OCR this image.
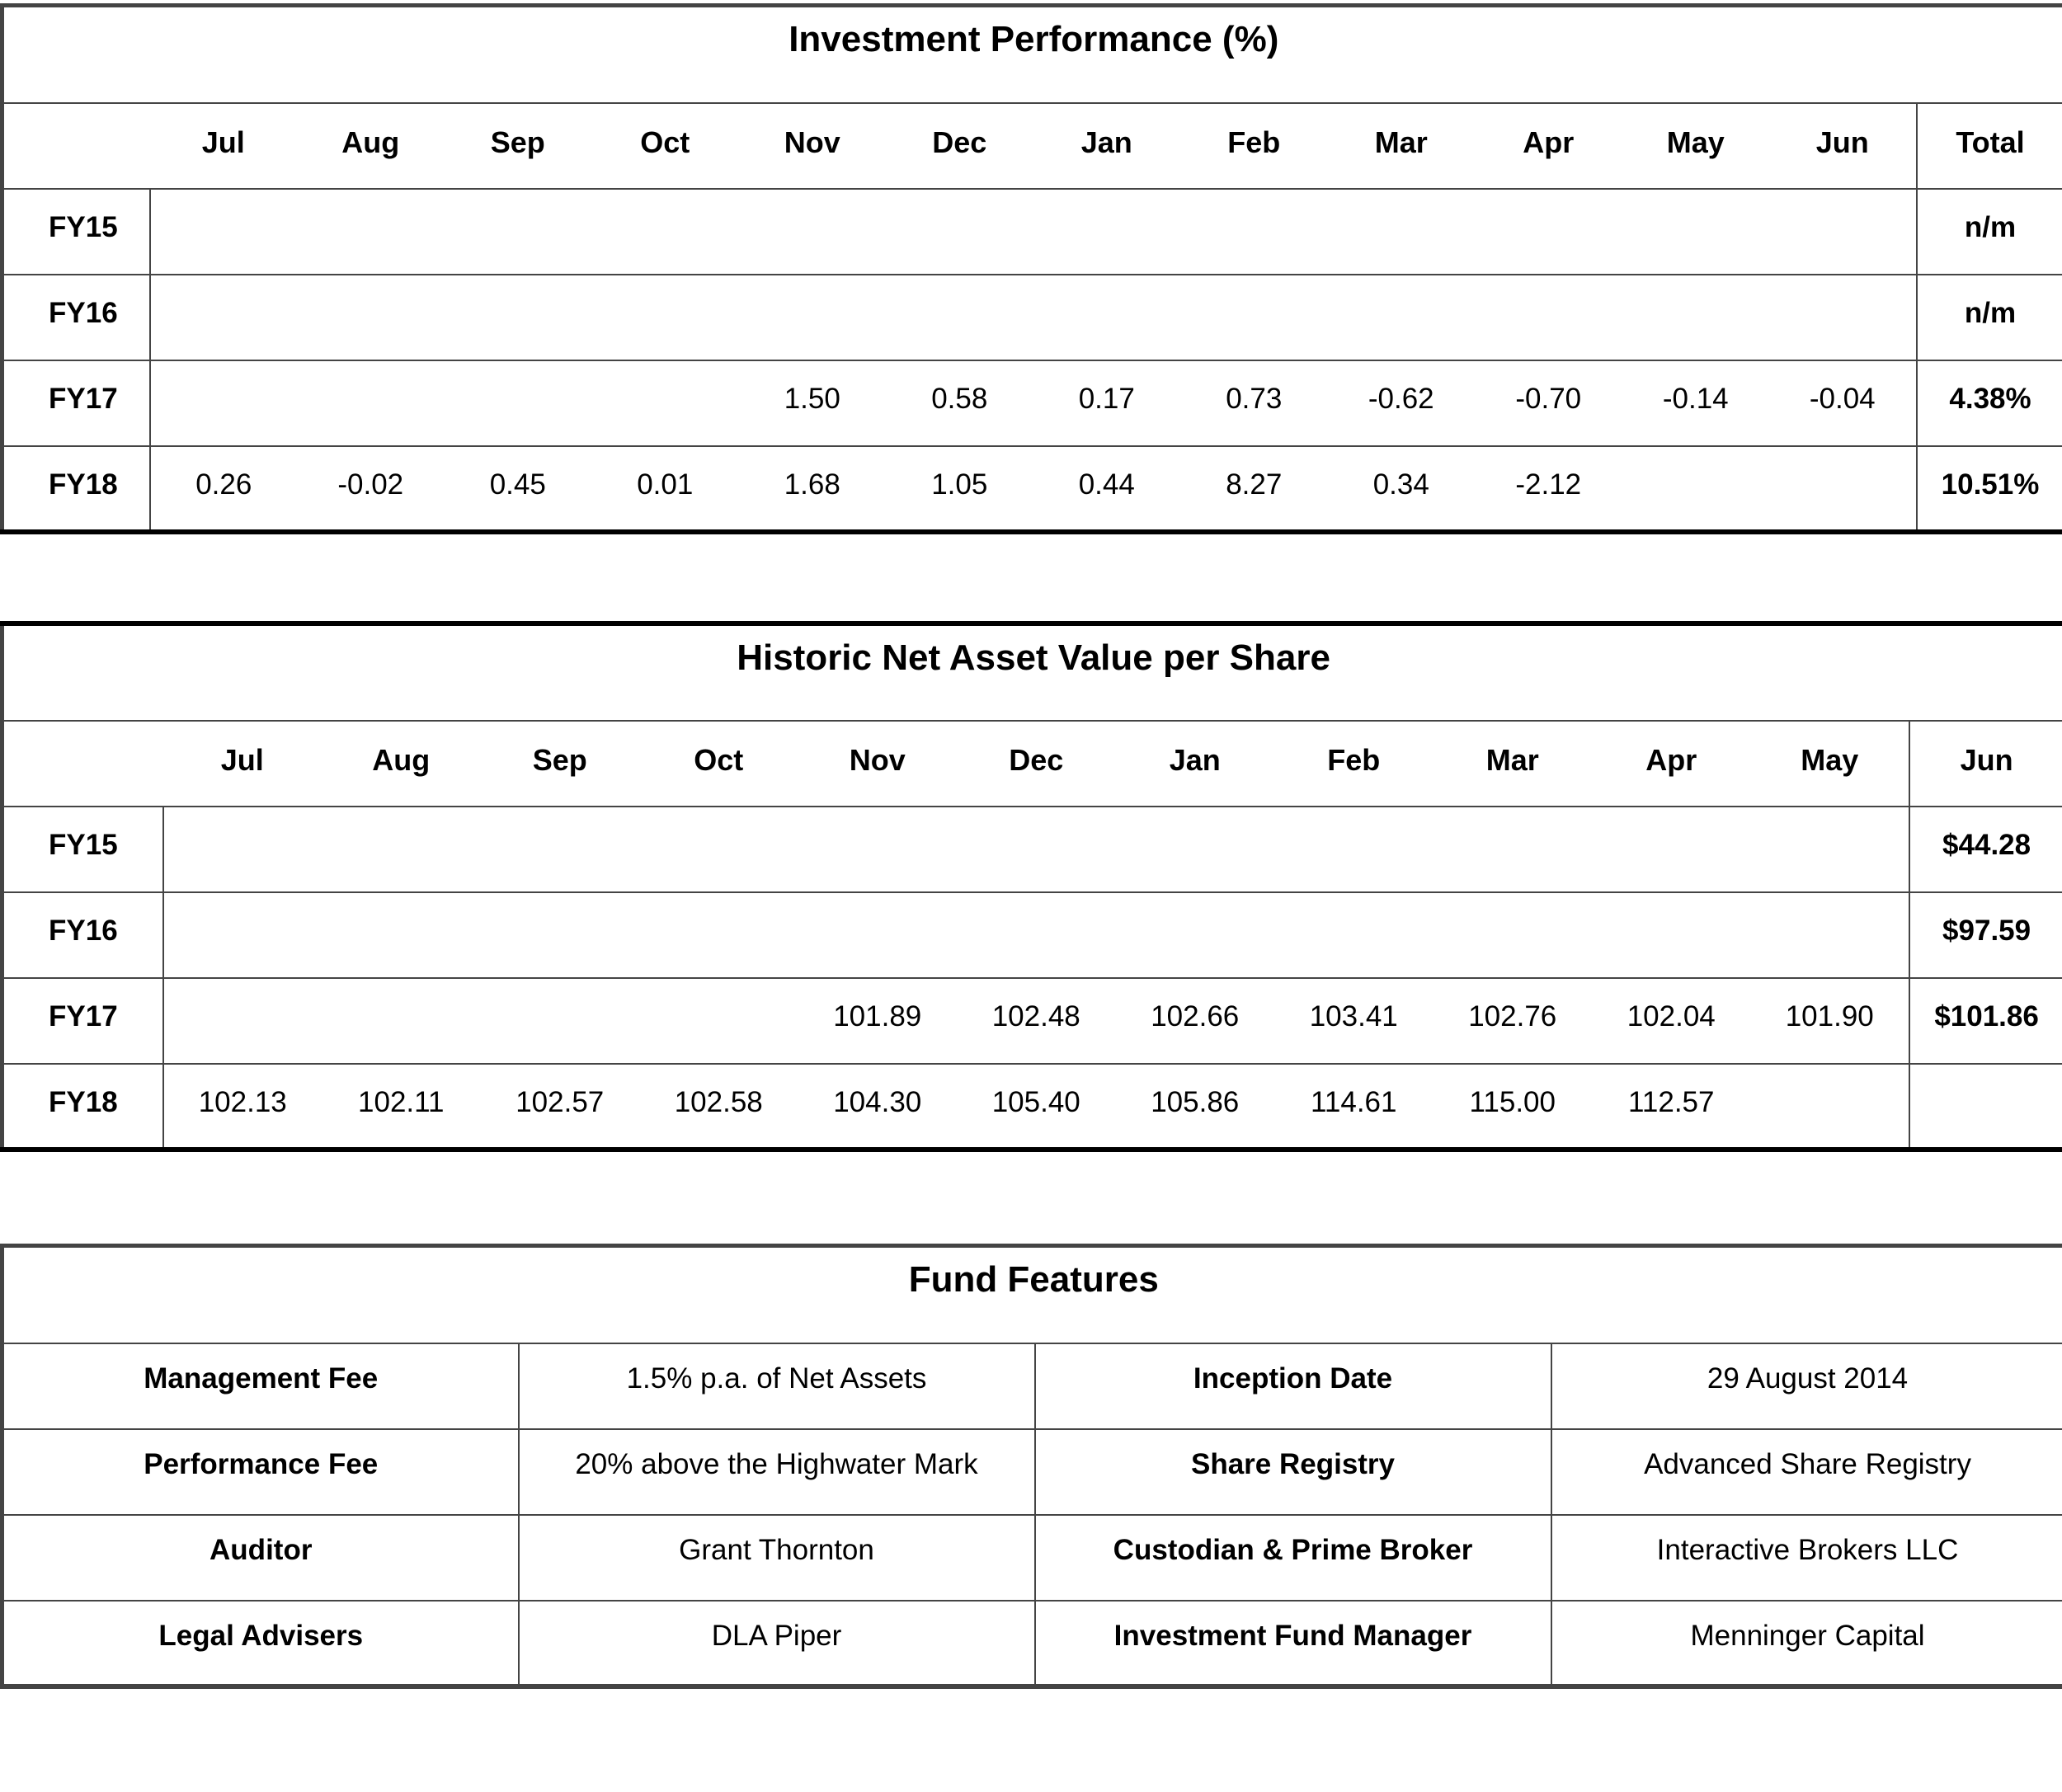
Investment Performance (%)													
	Jul	Aug	Sep	Oct	Nov	Dec	Jan	Feb	Mar	Apr	May	Jun	Total
FY15													n/m
FY16													n/m
FY17					1.50	0.58	0.17	0.73	-0.62	-0.70	-0.14	-0.04	4.38%
FY18	0.26	-0.02	0.45	0.01	1.68	1.05	0.44	8.27	0.34	-2.12			10.51%
Historic Net Asset Value per Share												
	Jul	Aug	Sep	Oct	Nov	Dec	Jan	Feb	Mar	Apr	May	Jun
FY15												$44.28
FY16												$97.59
FY17					101.89	102.48	102.66	103.41	102.76	102.04	101.90	$101.86
FY18	102.13	102.11	102.57	102.58	104.30	105.40	105.86	114.61	115.00	112.57		
Fund Features			
Management Fee	1.5% p.a. of Net Assets	Inception Date	29 August 2014
Performance Fee	20% above the Highwater Mark	Share Registry	Advanced Share Registry
Auditor	Grant Thornton	Custodian & Prime Broker	Interactive Brokers LLC
Legal Advisers	DLA Piper	Investment Fund Manager	Menninger Capital
